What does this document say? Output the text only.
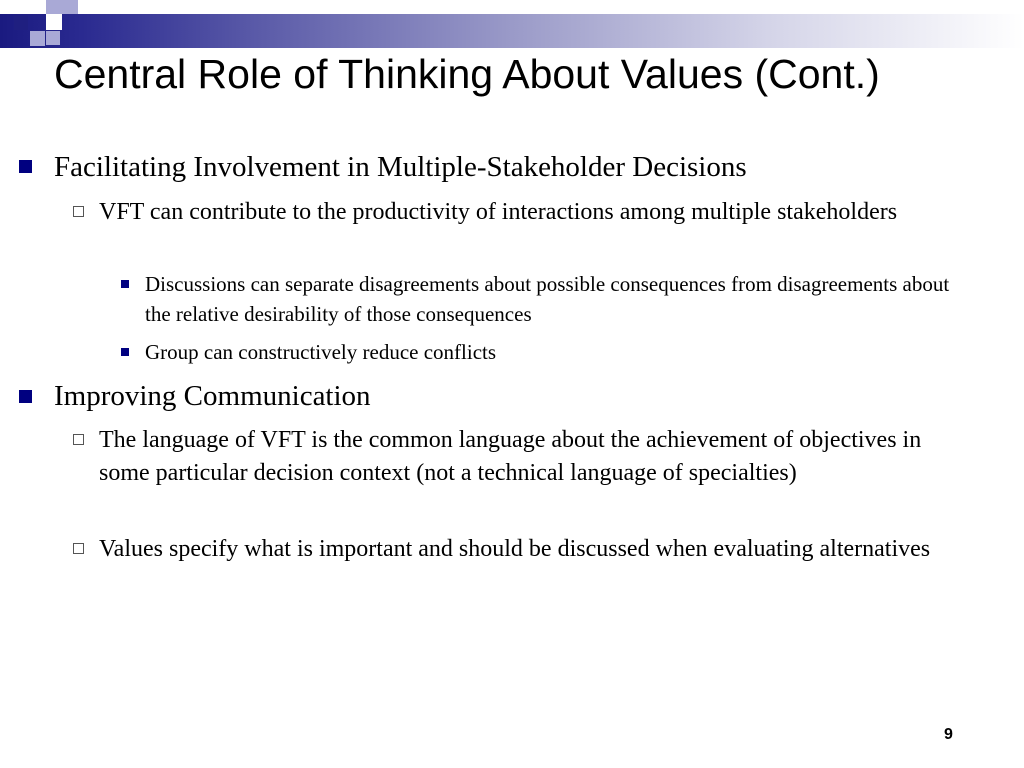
Central Role of Thinking About Values (Cont.)
Facilitating Involvement in Multiple-Stakeholder Decisions
VFT can contribute to the productivity of interactions among multiple stakeholders
Discussions can separate disagreements about possible consequences from disagreements about the relative desirability of those consequences
Group can constructively reduce conflicts
Improving Communication
The language of VFT is the common language about the achievement of objectives in some particular decision context (not a technical language of specialties)
Values specify what is important and should be discussed when evaluating alternatives
9
